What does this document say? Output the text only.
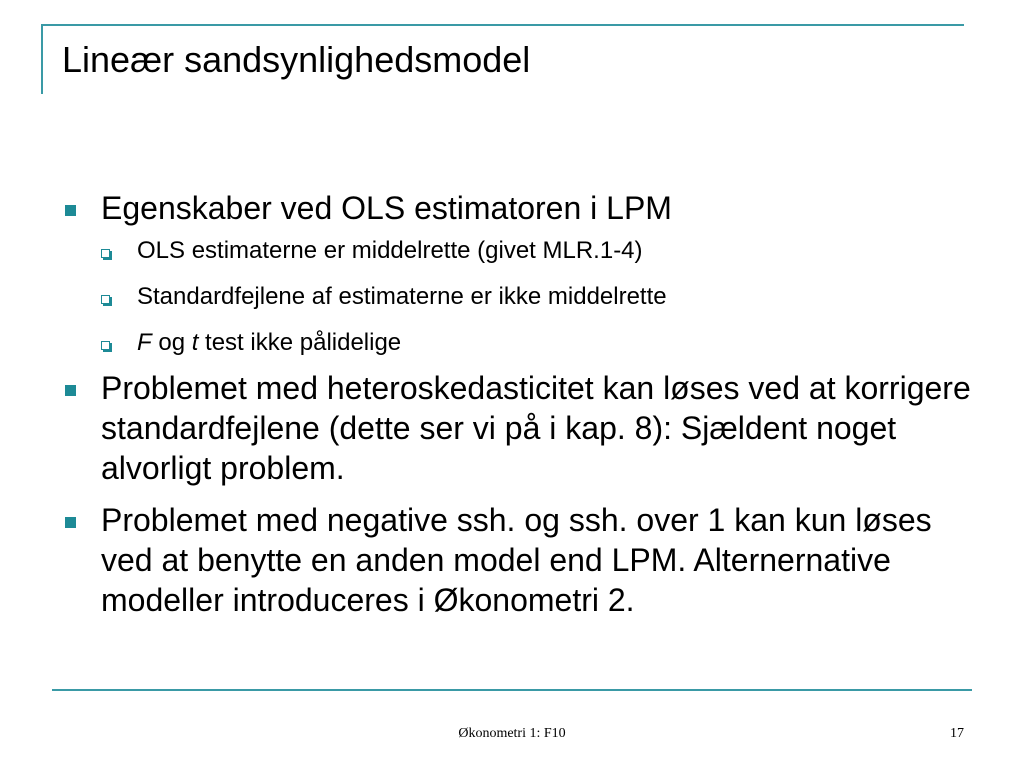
Lineær sandsynlighedsmodel
Egenskaber ved OLS estimatoren i LPM
OLS estimaterne er middelrette (givet MLR.1-4)
Standardfejlene af estimaterne er ikke middelrette
F og t test ikke pålidelige
Problemet med heteroskedasticitet kan løses ved at korrigere standardfejlene (dette ser vi på i kap. 8): Sjældent noget alvorligt problem.
Problemet med negative ssh. og ssh. over 1 kan kun løses ved at benytte en anden model end LPM. Alternernative modeller introduceres i Økonometri 2.
Økonometri 1: F10	17
